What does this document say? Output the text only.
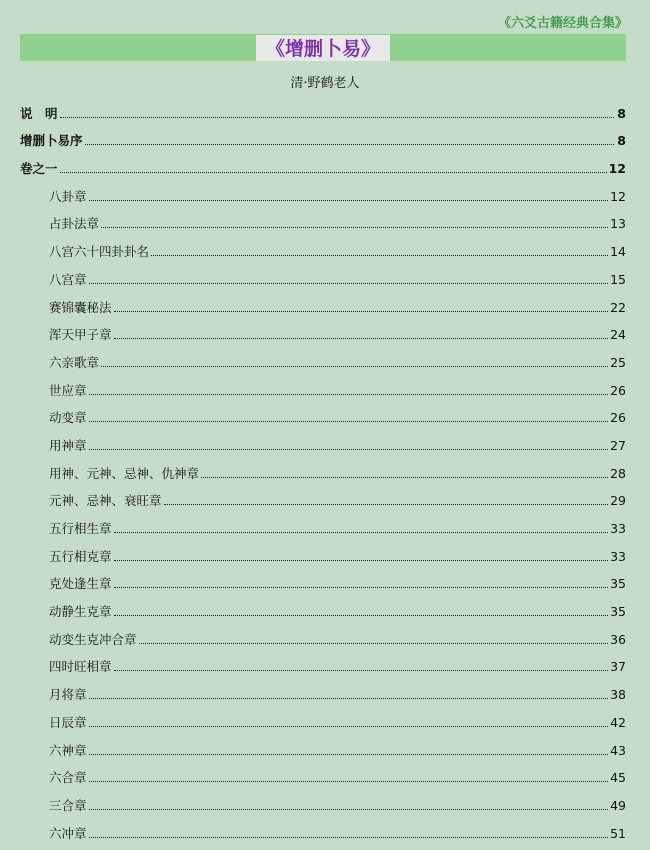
《六爻古籍经典合集》
《增删卜易》
清·野鹤老人
说　明	8
增删卜易序	8
卷之一	12
八卦章	12
占卦法章	13
八宫六十四卦卦名	14
八宫章	15
赛锦囊秘法	22
浑天甲子章	24
六亲歌章	25
世应章	26
动变章	26
用神章	27
用神、元神、忌神、仇神章	28
元神、忌神、衰旺章	29
五行相生章	33
五行相克章	33
克处逢生章	35
动静生克章	35
动变生克冲合章	36
四时旺相章	37
月将章	38
日辰章	42
六神章	43
六合章	45
三合章	49
六冲章	51
